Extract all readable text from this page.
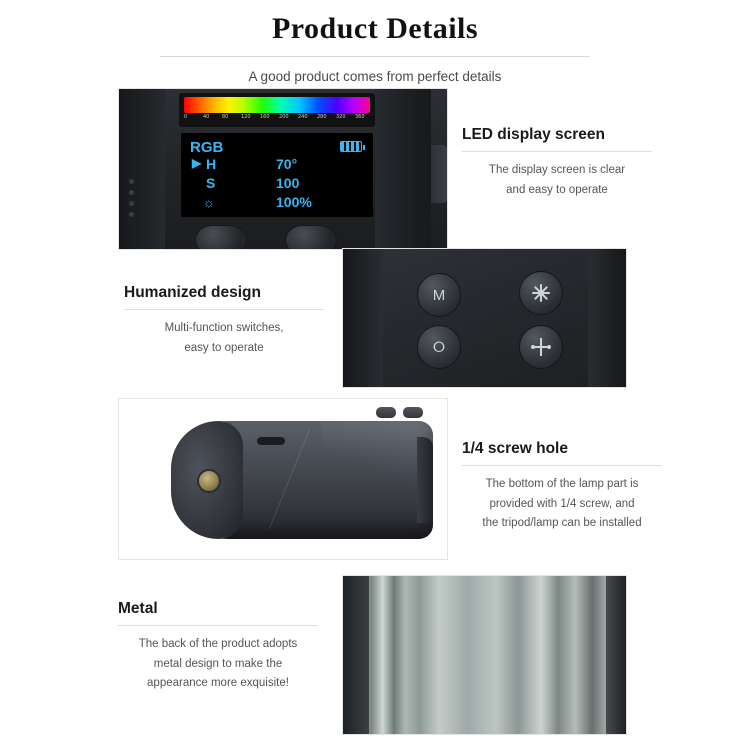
Product Details
A good product comes from perfect details
0	40	80	120 160 200 240 280 320 360
RGB
▶ H	70°
S	100
☼	100%
LED display screen

The display screen is clear

and easy to operate

M
⭘
Humanized design

Multi-function switches,

easy to operate

1/4 screw hole

The bottom of the lamp part is

provided with 1/4 screw, and

the tripod/lamp can be installed

Metal

The back of the product adopts

metal design to make the

appearance more exquisite!
